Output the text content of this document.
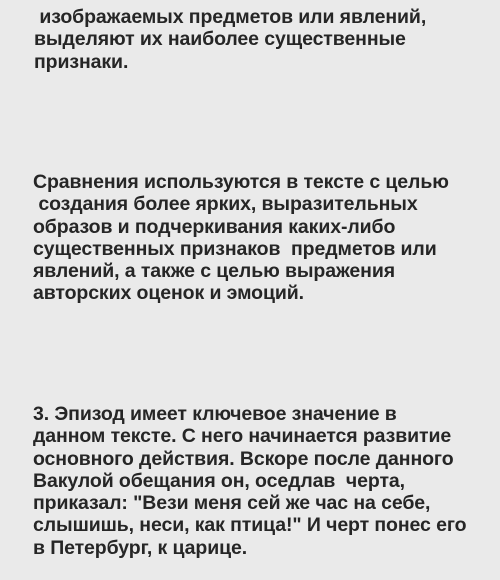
изображаемых предметов или явлений,
выделяют их наиболее существенные
признаки.

Сравнения используются в тексте с целью
создания более ярких, выразительных
образов и подчеркивания каких-либо
существенных признаков  предметов или
явлений, а также с целью выражения
авторских оценок и эмоций.

3. Эпизод имеет ключевое значение в
данном тексте. С него начинается развитие
основного действия. Вскоре после данного
Вакулой обещания он, оседлав  черта,
приказал: "Вези меня сей же час на себе,
слышишь, неси, как птица!" И черт понес его
в Петербург, к царице.
